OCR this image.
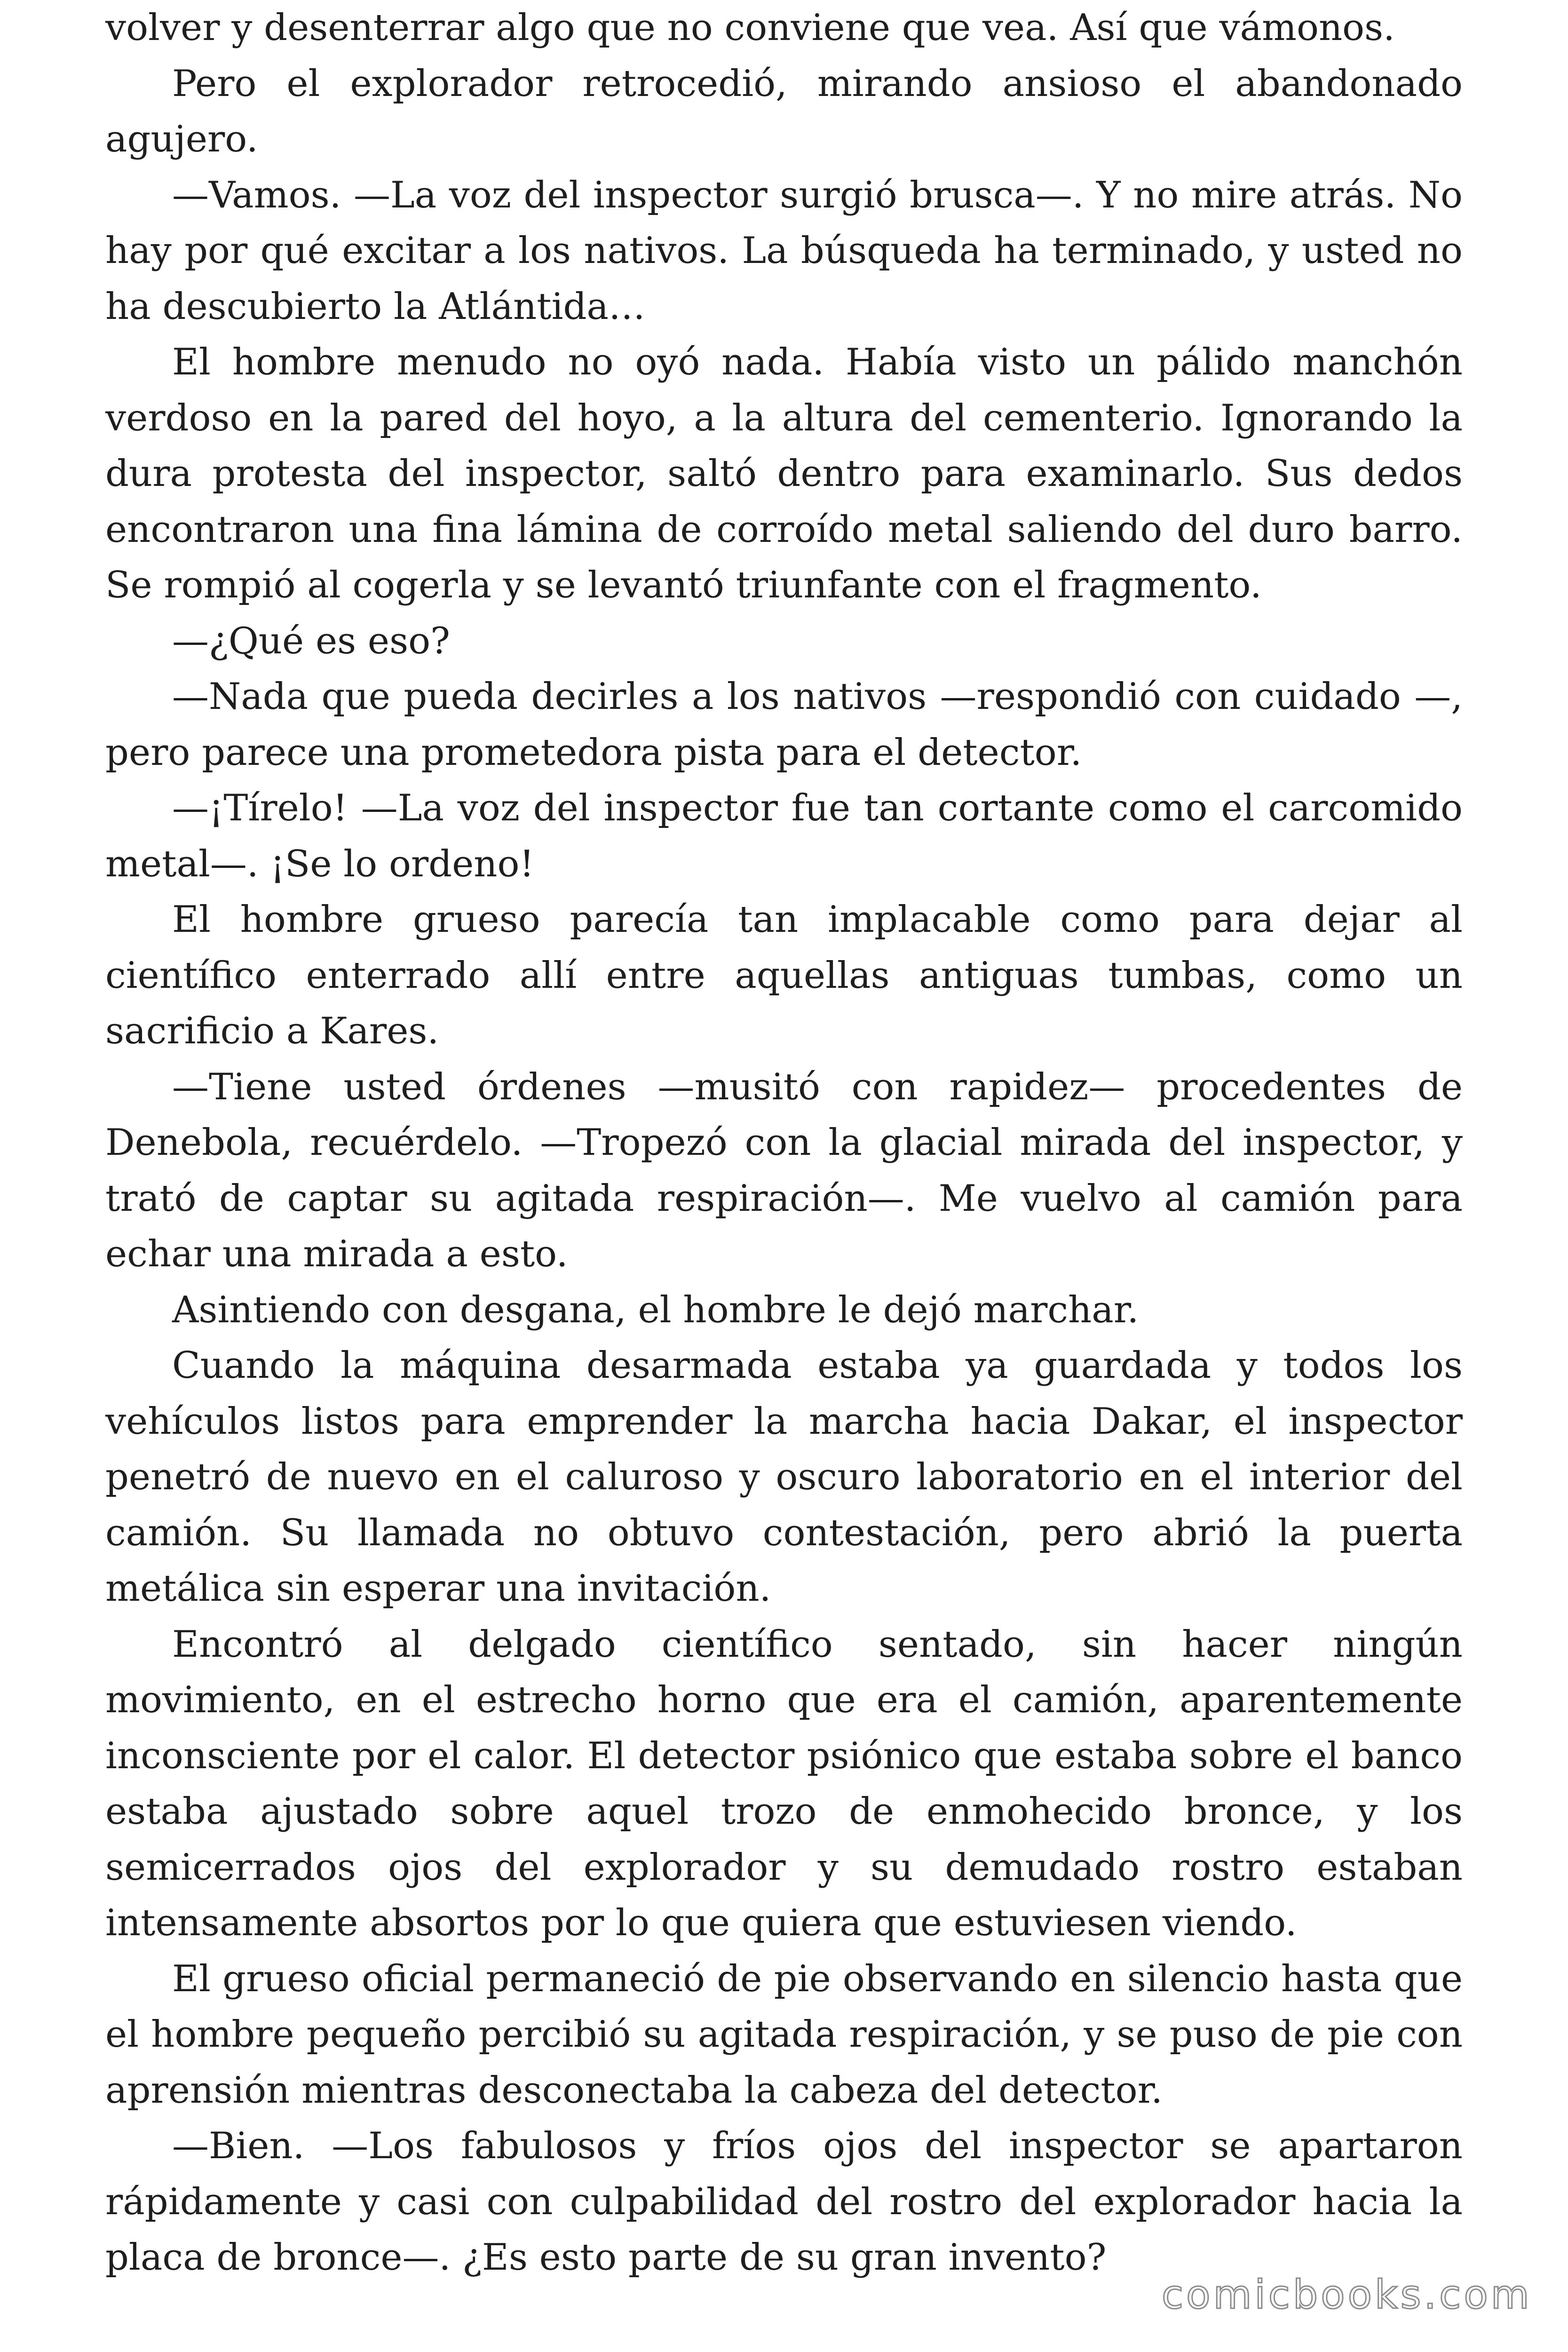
volver y desenterrar algo que no conviene que vea. Así que vámonos.

Pero el explorador retrocedió, mirando ansioso el abandonado agujero.

—Vamos. —La voz del inspector surgió brusca—. Y no mire atrás. No hay por qué excitar a los nativos. La búsqueda ha terminado, y usted no ha descubierto la Atlántida…

El hombre menudo no oyó nada. Había visto un pálido manchón verdoso en la pared del hoyo, a la altura del cementerio. Ignorando la dura protesta del inspector, saltó dentro para examinarlo. Sus dedos encontraron una fina lámina de corroído metal saliendo del duro barro. Se rompió al cogerla y se levantó triunfante con el fragmento.

—¿Qué es eso?

—Nada que pueda decirles a los nativos —respondió con cuidado —, pero parece una prometedora pista para el detector.

—¡Tírelo! —La voz del inspector fue tan cortante como el carcomido metal—. ¡Se lo ordeno!

El hombre grueso parecía tan implacable como para dejar al científico enterrado allí entre aquellas antiguas tumbas, como un sacrificio a Kares.

—Tiene usted órdenes —musitó con rapidez— procedentes de Denebola, recuérdelo. —Tropezó con la glacial mirada del inspector, y trató de captar su agitada respiración—. Me vuelvo al camión para echar una mirada a esto.

Asintiendo con desgana, el hombre le dejó marchar.

Cuando la máquina desarmada estaba ya guardada y todos los vehículos listos para emprender la marcha hacia Dakar, el inspector penetró de nuevo en el caluroso y oscuro laboratorio en el interior del camión. Su llamada no obtuvo contestación, pero abrió la puerta metálica sin esperar una invitación.

Encontró al delgado científico sentado, sin hacer ningún movimiento, en el estrecho horno que era el camión, aparentemente inconsciente por el calor. El detector psiónico que estaba sobre el banco estaba ajustado sobre aquel trozo de enmohecido bronce, y los semicerrados ojos del explorador y su demudado rostro estaban intensamente absortos por lo que quiera que estuviesen viendo.

El grueso oficial permaneció de pie observando en silencio hasta que el hombre pequeño percibió su agitada respiración, y se puso de pie con aprensión mientras desconectaba la cabeza del detector.

—Bien. —Los fabulosos y fríos ojos del inspector se apartaron rápidamente y casi con culpabilidad del rostro del explorador hacia la placa de bronce—. ¿Es esto parte de su gran invento?

comicbooks.com
